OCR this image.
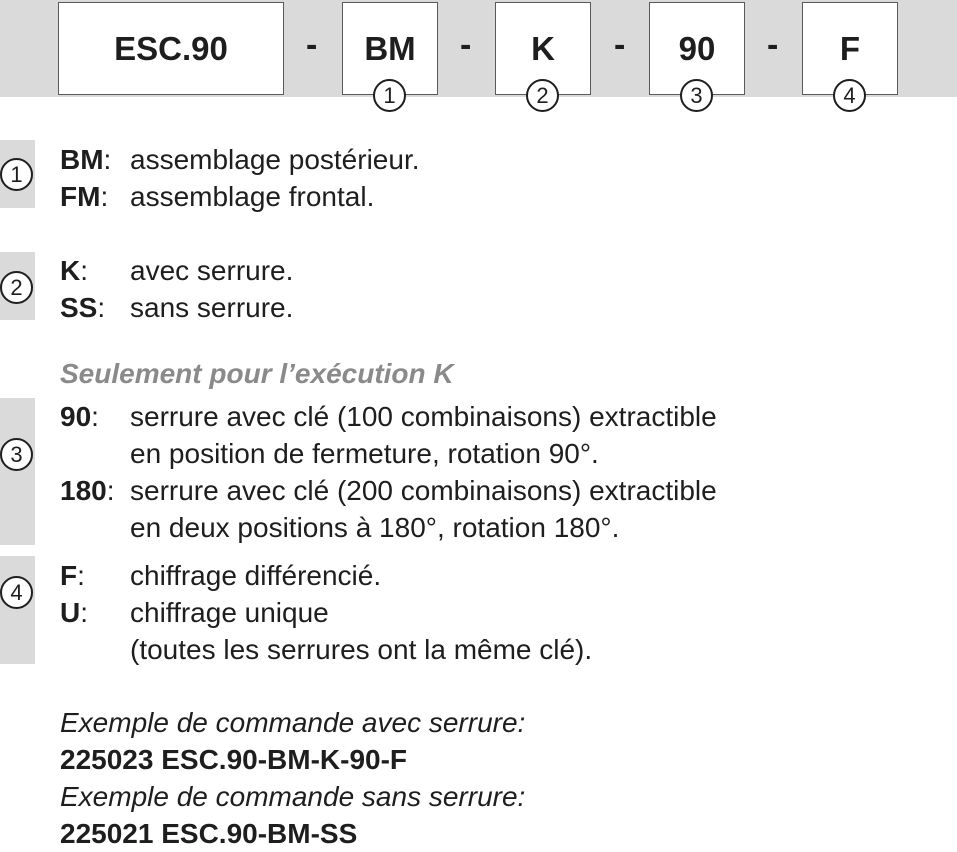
ESC.90	-	BM	-	K	-	90	-	F
1	2	3	4
1	BM: assemblage postérieur.
FM: assemblage frontal.
2
K: avec serrure.
SS: sans serrure.
Seulement pour l’exécution K
3
90: serrure avec clé (100 combinaisons) extractible
en position de fermeture, rotation 90°.
180: serrure avec clé (200 combinaisons) extractible
en deux positions à 180°, rotation 180°.
4
F: chiffrage différencié.
U: chiffrage unique
(toutes les serrures ont la même clé).
Exemple de commande avec serrure:
225023 ESC.90-BM-K-90-F
Exemple de commande sans serrure:
225021 ESC.90-BM-SS
